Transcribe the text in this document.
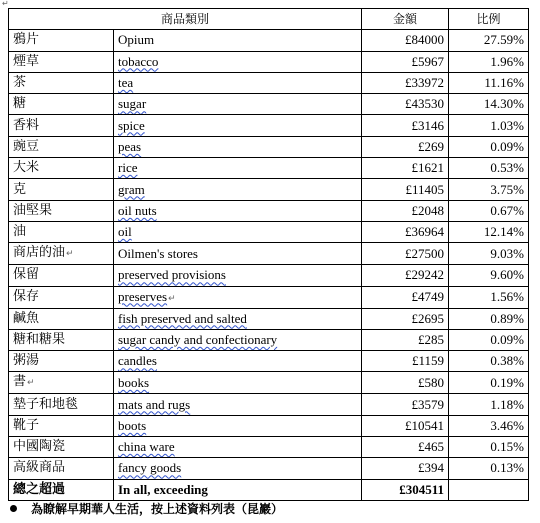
↵
商品類別		金額	比例
鴉片	Opium	£84000	27.59%
煙草	tobacco	£5967	1.96%
茶	tea	£33972	11.16%
糖	sugar	£43530	14.30%
香料	spice	£3146	1.03%
豌豆	peas	£269	0.09%
大米	rice	£1621	0.53%
克	gram	£11405	3.75%
油堅果	oil nuts	£2048	0.67%
油	oil	£36964	12.14%
商店的油↵	Oilmen's stores	£27500	9.03%
保留	preserved provisions	£29242	9.60%
保存	preserves↵	£4749	1.56%
鹹魚	fish preserved and salted	£2695	0.89%
糖和糖果	sugar candy and confectionary	£285	0.09%
粥湯	candles	£1159	0.38%
書↵	books	£580	0.19%
墊子和地毯	mats and rugs	£3579	1.18%
靴子	boots	£10541	3.46%
中國陶瓷	china ware	£465	0.15%
高級商品	fancy goods	£394	0.13%
總之超過	In all, exceeding	£304511	
為瞭解早期華人生活，按上述資料列表（昆巖）
